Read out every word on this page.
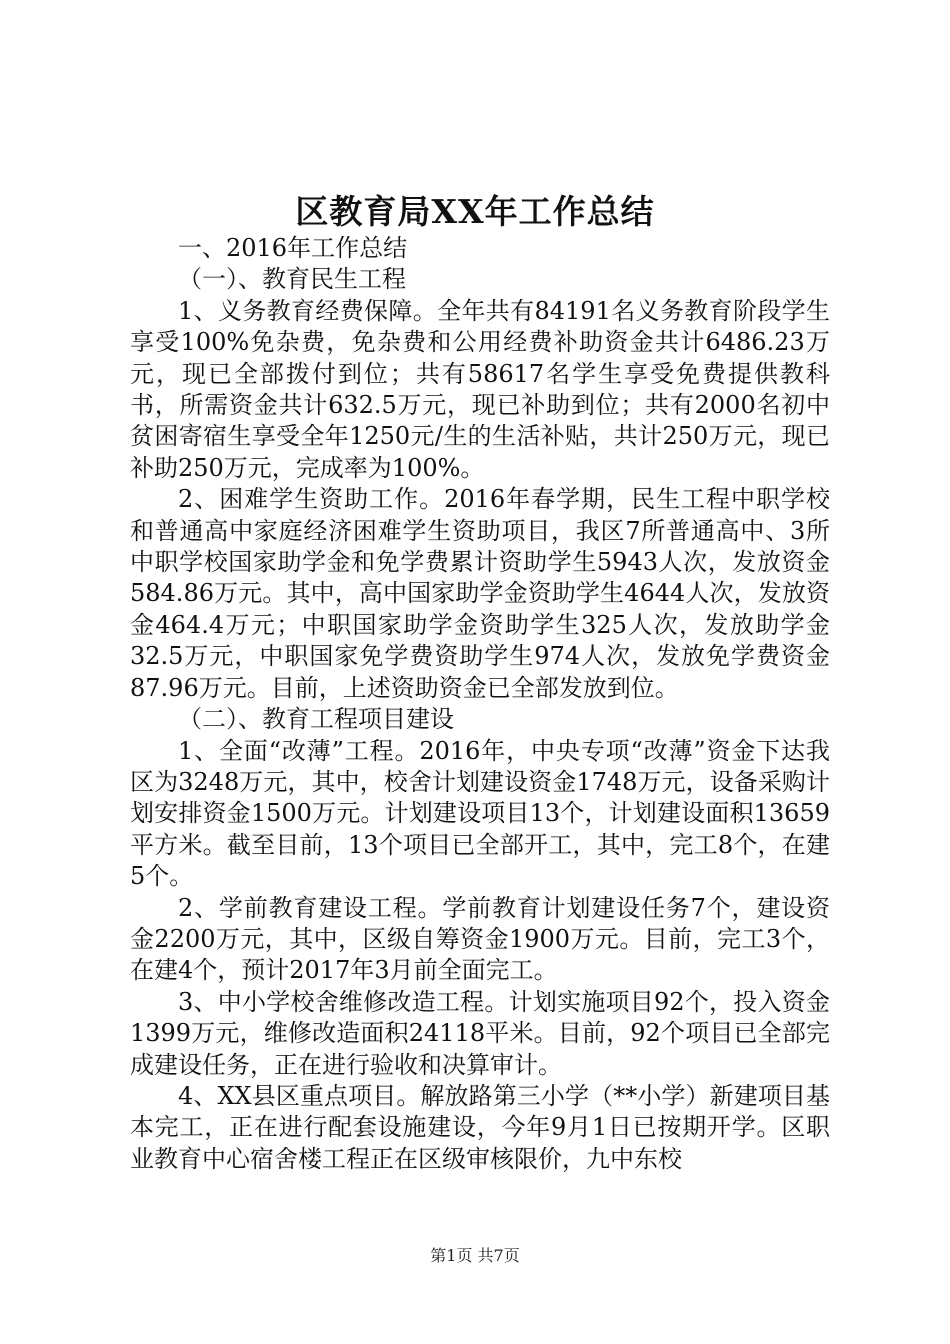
区教育局XX年工作总结

一、2016年工作总结

（一）、教育民生工程

1、义务教育经费保障。全年共有84191名义务教育阶段学生享受100%免杂费，免杂费和公用经费补助资金共计6486.23万元，现已全部拨付到位；共有58617名学生享受免费提供教科书，所需资金共计632.5万元，现已补助到位；共有2000名初中贫困寄宿生享受全年1250元/生的生活补贴，共计250万元，现已补助250万元，完成率为100%。

2、困难学生资助工作。2016年春学期，民生工程中职学校和普通高中家庭经济困难学生资助项目，我区7所普通高中、3所中职学校国家助学金和免学费累计资助学生5943人次，发放资金584.86万元。其中，高中国家助学金资助学生4644人次，发放资金464.4万元；中职国家助学金资助学生325人次，发放助学金32.5万元，中职国家免学费资助学生974人次，发放免学费资金87.96万元。目前，上述资助资金已全部发放到位。

（二）、教育工程项目建设

1、全面“改薄”工程。2016年，中央专项“改薄”资金下达我区为3248万元，其中，校舍计划建设资金1748万元，设备采购计划安排资金1500万元。计划建设项目13个，计划建设面积13659平方米。截至目前，13个项目已全部开工，其中，完工8个，在建5个。

2、学前教育建设工程。学前教育计划建设任务7个，建设资金2200万元，其中，区级自筹资金1900万元。目前，完工3个，在建4个，预计2017年3月前全面完工。

3、中小学校舍维修改造工程。计划实施项目92个，投入资金1399万元，维修改造面积24118平米。目前，92个项目已全部完成建设任务，正在进行验收和决算审计。

4、XX县区重点项目。解放路第三小学（**小学）新建项目基本完工，正在进行配套设施建设，今年9月1日已按期开学。区职业教育中心宿舍楼工程正在区级审核限价，九中东校

第1页 共7页
